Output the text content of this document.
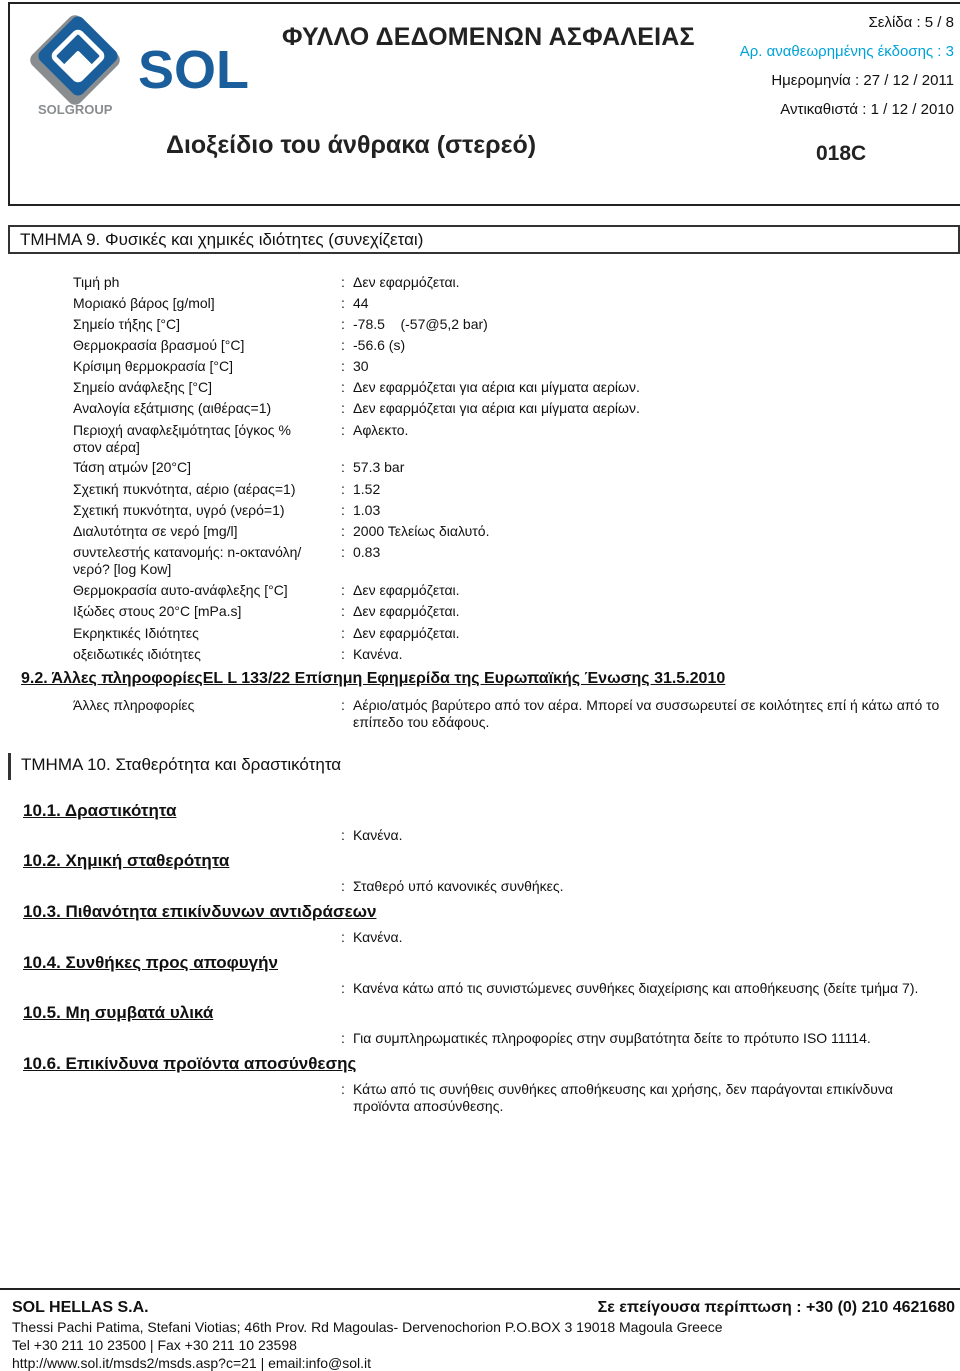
SOL
SOLGROUP
ΦΥΛΛΟ ΔΕΔΟΜΕΝΩΝ ΑΣΦΑΛΕΙΑΣ
Σελίδα : 5 / 8
Αρ. αναθεωρημένης έκδοσης : 3
Ημερομηνία : 27 / 12 / 2011
Αντικαθιστά : 1 / 12 / 2010
Διοξείδιο του άνθρακα (στερεό)	018C
ΤΜΗΜΑ 9. Φυσικές και χημικές ιδιότητες (συνεχίζεται)
Τιμή ph	: Δεν εφαρμόζεται.
Μοριακό βάρος [g/mol]	: 44
Σημείο τήξης [°C]	: -78.5    (-57@5,2 bar)
Θερμοκρασία βρασμού [°C]	: -56.6 (s)
Κρίσιμη θερμοκρασία [°C]	: 30
Σημείο ανάφλεξης [°C]	: Δεν εφαρμόζεται για αέρια και μίγματα αερίων.
Αναλογία εξάτμισης (αιθέρας=1)	: Δεν εφαρμόζεται για αέρια και μίγματα αερίων.
Περιοχή αναφλεξιμότητας [όγκος % στον αέρα]
: Αφλεκτο.
Τάση ατμών [20°C]	: 57.3 bar
Σχετική πυκνότητα, αέριο (αέρας=1)	: 1.52
Σχετική πυκνότητα, υγρό (νερό=1)	: 1.03
Διαλυτότητα σε νερό [mg/l]	: 2000 Τελείως διαλυτό.
συντελεστής κατανομής: n-οκτανόλη/ νερό? [log Kow]
: 0.83
Θερμοκρασία αυτο-ανάφλεξης [°C]	: Δεν εφαρμόζεται.
Ιξώδες στους 20°C [mPa.s]	: Δεν εφαρμόζεται.
Εκρηκτικές Ιδιότητες	: Δεν εφαρμόζεται.
οξειδωτικές ιδιότητες	: Κανένα.
9.2. Άλλες πληροφορίεςEL L 133/22 Επίσημη Εφημερίδα της Ευρωπαϊκής Ένωσης 31.5.2010
Άλλες πληροφορίες	: Αέριο/ατμός βαρύτερο από τον αέρα. Μπορεί να συσσωρευτεί σε κοιλότητες επί ή κάτω από το επίπεδο του εδάφους.
ΤΜΗΜΑ 10. Σταθερότητα και δραστικότητα
10.1. Δραστικότητα
: Κανένα.
10.2. Χημική σταθερότητα
: Σταθερό υπό κανονικές συνθήκες.
10.3. Πιθανότητα επικίνδυνων αντιδράσεων
: Κανένα.
10.4. Συνθήκες προς αποφυγήν
: Κανένα κάτω από τις συνιστώμενες συνθήκες διαχείρισης και αποθήκευσης (δείτε τμήμα 7).
10.5. Μη συμβατά υλικά
: Για συμπληρωματικές πληροφορίες στην συμβατότητα δείτε το πρότυπο ISO 11114.
10.6. Επικίνδυνα προϊόντα αποσύνθεσης
: Κάτω από τις συνήθεις συνθήκες αποθήκευσης και χρήσης, δεν παράγονται επικίνδυνα προϊόντα αποσύνθεσης.
SOL HELLAS S.A.	Σε επείγουσα περίπτωση : +30 (0) 210 4621680
Thessi Pachi Patima, Stefani Viotias; 46th Prov. Rd Magoulas- Dervenochorion P.O.BOX 3 19018 Magoula Greece
Tel +30 211 10 23500 | Fax +30 211 10 23598
http://www.sol.it/msds2/msds.asp?c=21 | email:info@sol.it
